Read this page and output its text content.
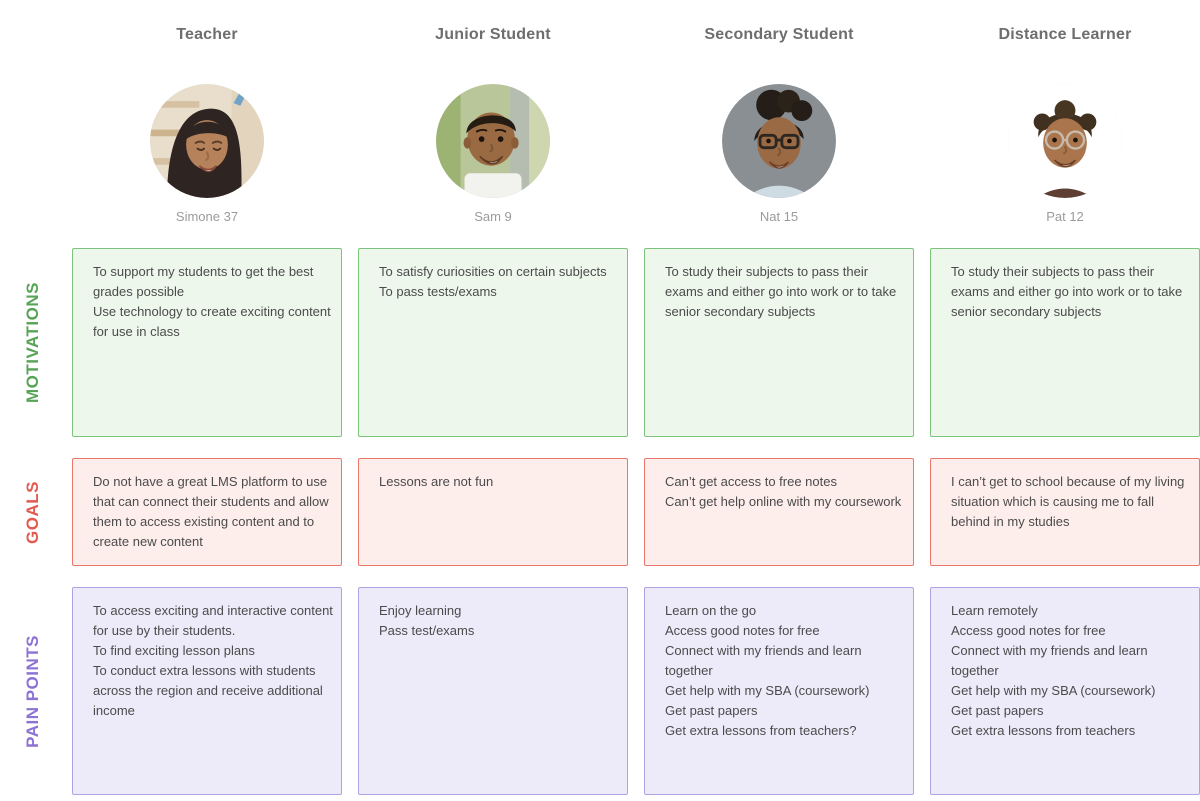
MOTIVATIONS
GOALS
PAIN POINTS
Teacher
Simone 37
Junior Student
Sam 9
Secondary Student
Nat 15
Distance Learner
Pat 12
To support my students to get the best grades possible
Use technology to create exciting content for use in class
To satisfy curiosities on certain subjects
To pass tests/exams
To study their subjects to pass their exams and either go into work or to take senior secondary subjects
To study their subjects to pass their exams and either go into work or to take senior secondary subjects
Do not have a great LMS platform to use that can connect their students and allow them to access existing content and to create new content
Lessons are not fun	Can’t get access to free notes
Can’t get help online with my coursework
I can’t get to school because of my living situation which is causing me to fall behind in my studies
To access exciting and interactive content for use by their students.
To find exciting lesson plans
To conduct extra lessons with students across the region and receive additional income
Enjoy learning
Pass test/exams
Learn on the go
Access good notes for free
Connect with my friends and learn together
Get help with my SBA (coursework)
Get past papers
Get extra lessons from teachers?
Learn remotely
Access good notes for free
Connect with my friends and learn together
Get help with my SBA (coursework)
Get past papers
Get extra lessons from teachers
